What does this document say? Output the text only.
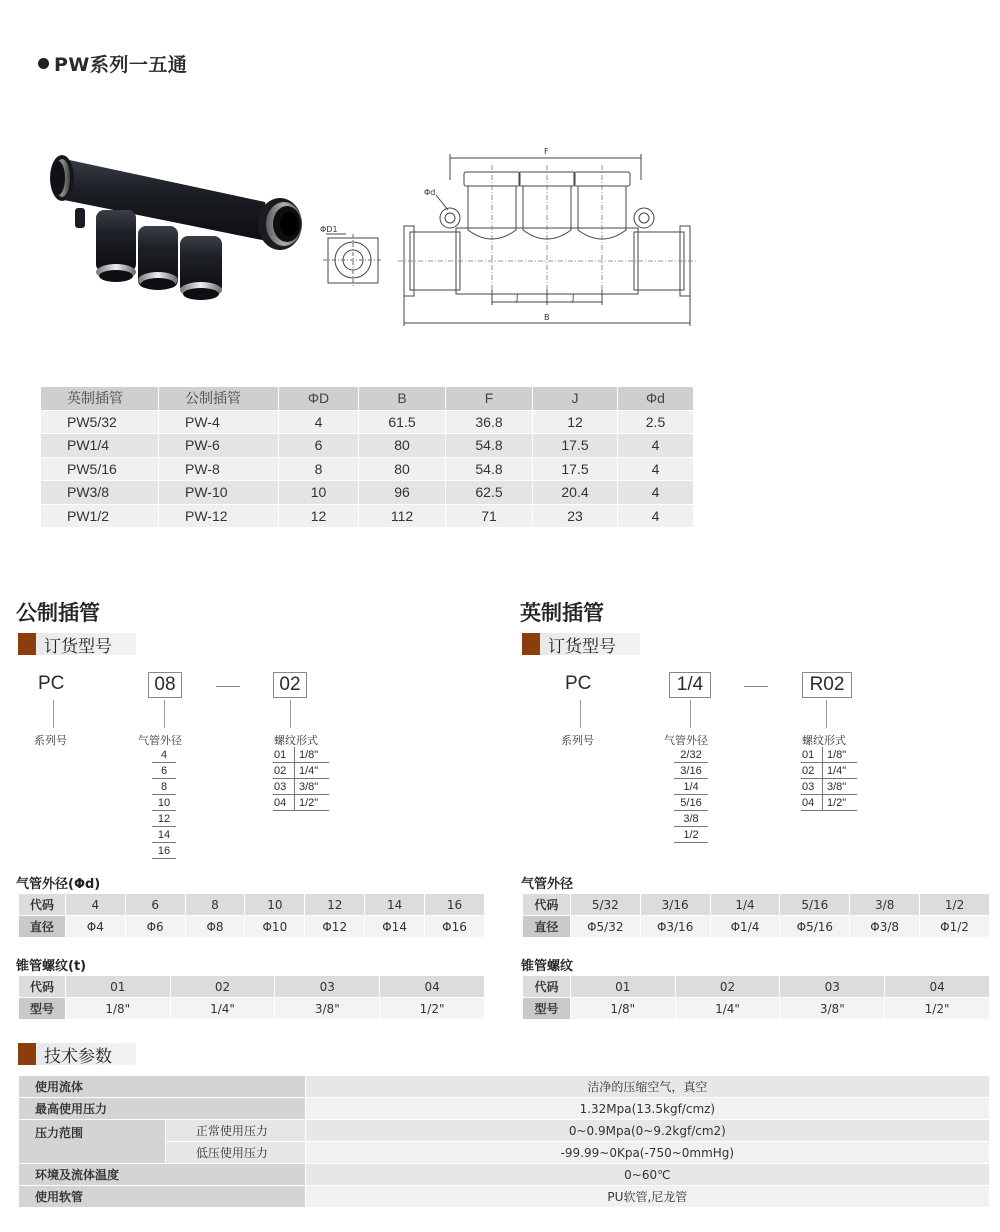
PW系列一五通
ΦD1
F
Φd
J	J
B
英制插管	公制插管	ΦD	B	F	J	Φd
PW5/32	PW-4	4	61.5	36.8	12	2.5
PW1/4	PW-6	6	80	54.8	17.5	4
PW5/16	PW-8	8	80	54.8	17.5	4
PW3/8	PW-10	10	96	62.5	20.4	4
PW1/2	PW-12	12	112	71	23	4
公制插管
订货型号
PC	08	02
系列号	气管外径	螺纹形式
4
6
8
10
12
14
16
01	1/8"
02	1/4"
03	3/8"
04	1/2"
气管外径(Φd)
代码	4	6	8	10	12	14	16
直径	Φ4	Φ6	Φ8	Φ10	Φ12	Φ14	Φ16
锥管螺纹(t)
代码	01	02	03	04
型号	1/8"	1/4"	3/8"	1/2"
英制插管
订货型号
PC	1/4	R02
系列号	气管外径	螺纹形式
2/32
3/16
1/4
5/16
3/8
1/2
01	1/8"
02	1/4"
03	3/8"
04	1/2"
气管外径
代码	5/32	3/16	1/4	5/16	3/8	1/2
直径	Φ5/32	Φ3/16	Φ1/4	Φ5/16	Φ3/8	Φ1/2
锥管螺纹
代码	01	02	03	04
型号	1/8"	1/4"	3/8"	1/2"
技术参数
使用流体		洁净的压缩空气，真空
最高使用压力		1.32Mpa(13.5kgf/cmz)
压力范围	正常使用压力	0~0.9Mpa(0~9.2kgf/cm2)
	低压使用压力	-99.99~0Kpa(-750~0mmHg)
环境及流体温度		0~60℃
使用软管		PU软管,尼龙管
